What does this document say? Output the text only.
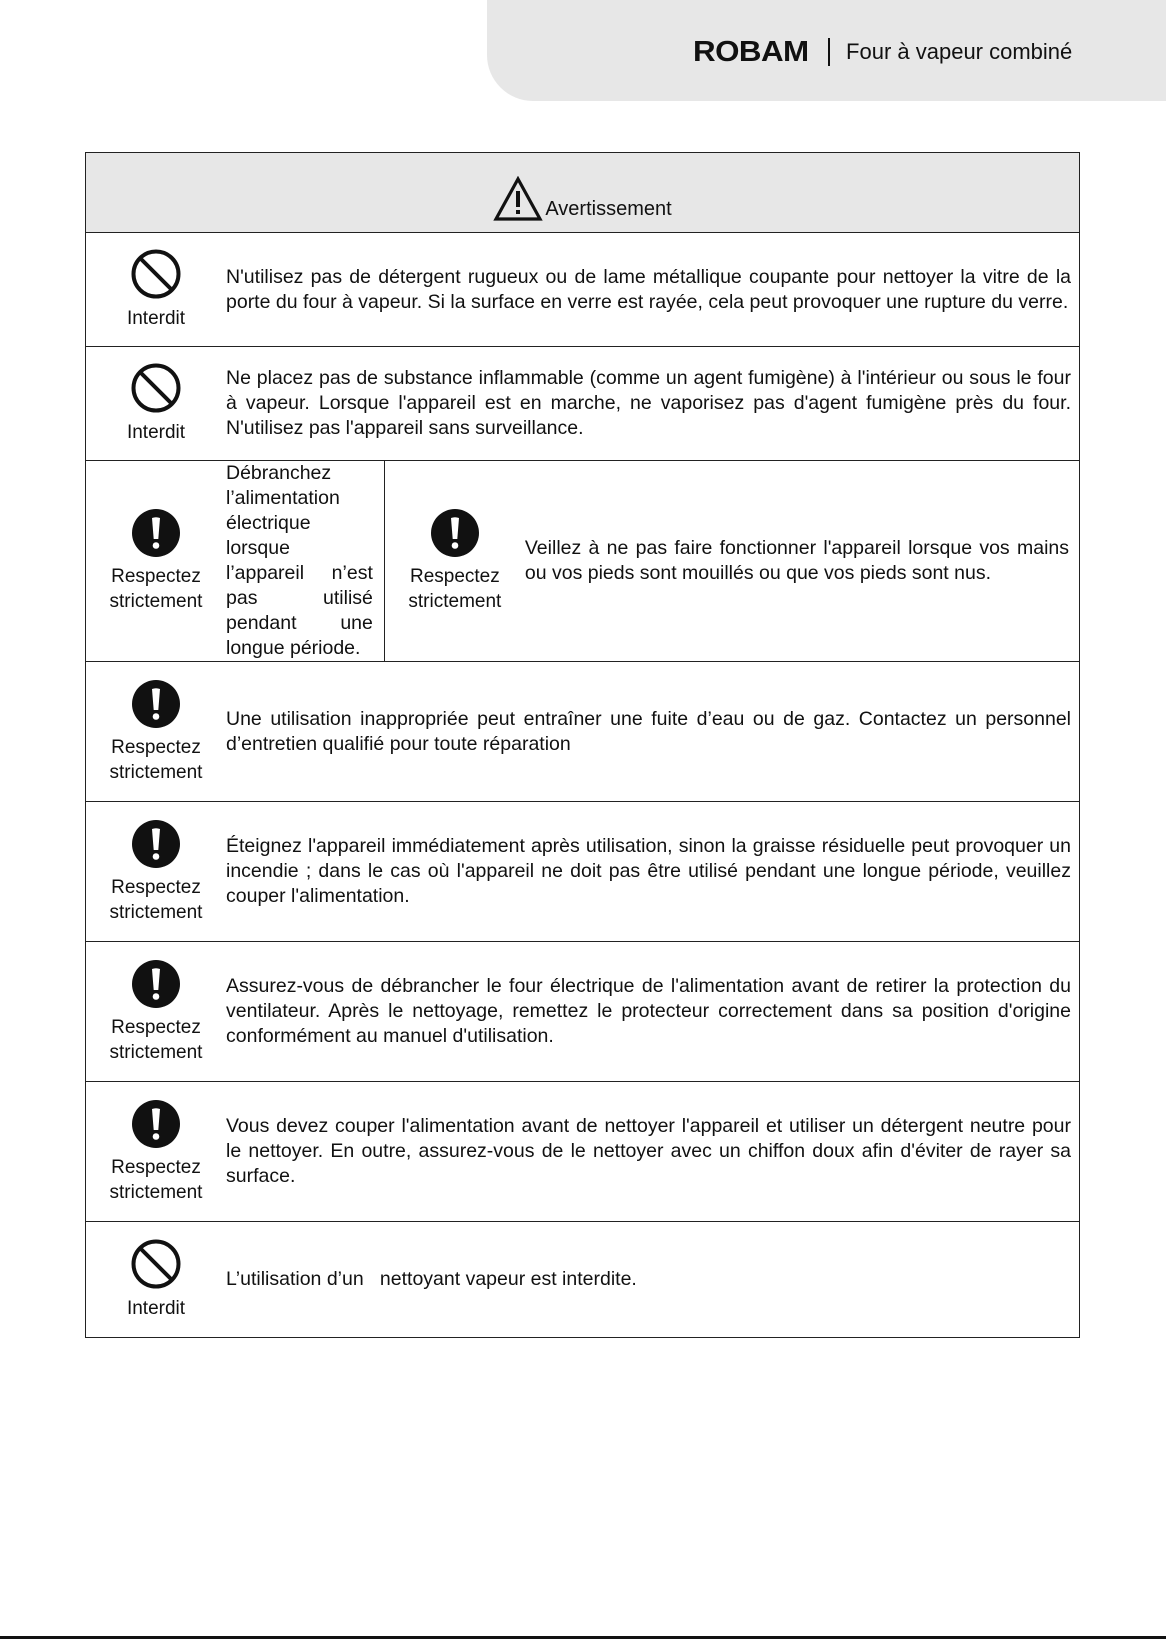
ROBAM Four à vapeur combiné
Avertissement

Interdit
N'utilisez pas de détergent rugueux ou de lame métallique coupante pour nettoyer la vitre de la porte du four à vapeur. Si la surface en verre est rayée, cela peut provoquer une rupture du verre.

Interdit
Ne placez pas de substance inflammable (comme un agent fumigène) à l'intérieur ou sous le four à vapeur. Lorsque l'appareil est en marche, ne vaporisez pas d'agent fumigène près du four. N'utilisez pas l'appareil sans surveillance.

Respectez strictement
Débranchez l’alimentation électrique lorsque l’appareil n’est pas utilisé pendant une longue période.
Respectez strictement
Veillez à ne pas faire fonctionner l'appareil lorsque vos mains ou vos pieds sont mouillés ou que vos pieds sont nus.

Respectez strictement
Une utilisation inappropriée peut entraîner une fuite d’eau ou de gaz. Contactez un personnel d’entretien qualifié pour toute réparation

Respectez strictement
Éteignez l'appareil immédiatement après utilisation, sinon la graisse résiduelle peut provoquer un incendie ; dans le cas où l'appareil ne doit pas être utilisé pendant une longue période, veuillez couper l'alimentation.

Respectez strictement
Assurez-vous de débrancher le four électrique de l'alimentation avant de retirer la protection du ventilateur. Après le nettoyage, remettez le protecteur correctement dans sa position d'origine conformément au manuel d'utilisation.

Respectez strictement
Vous devez couper l'alimentation avant de nettoyer l'appareil et utiliser un détergent neutre pour le nettoyer. En outre, assurez-vous de le nettoyer avec un chiffon doux afin d'éviter de rayer sa surface.

Interdit
L’utilisation d’un   nettoyant vapeur est interdite.
